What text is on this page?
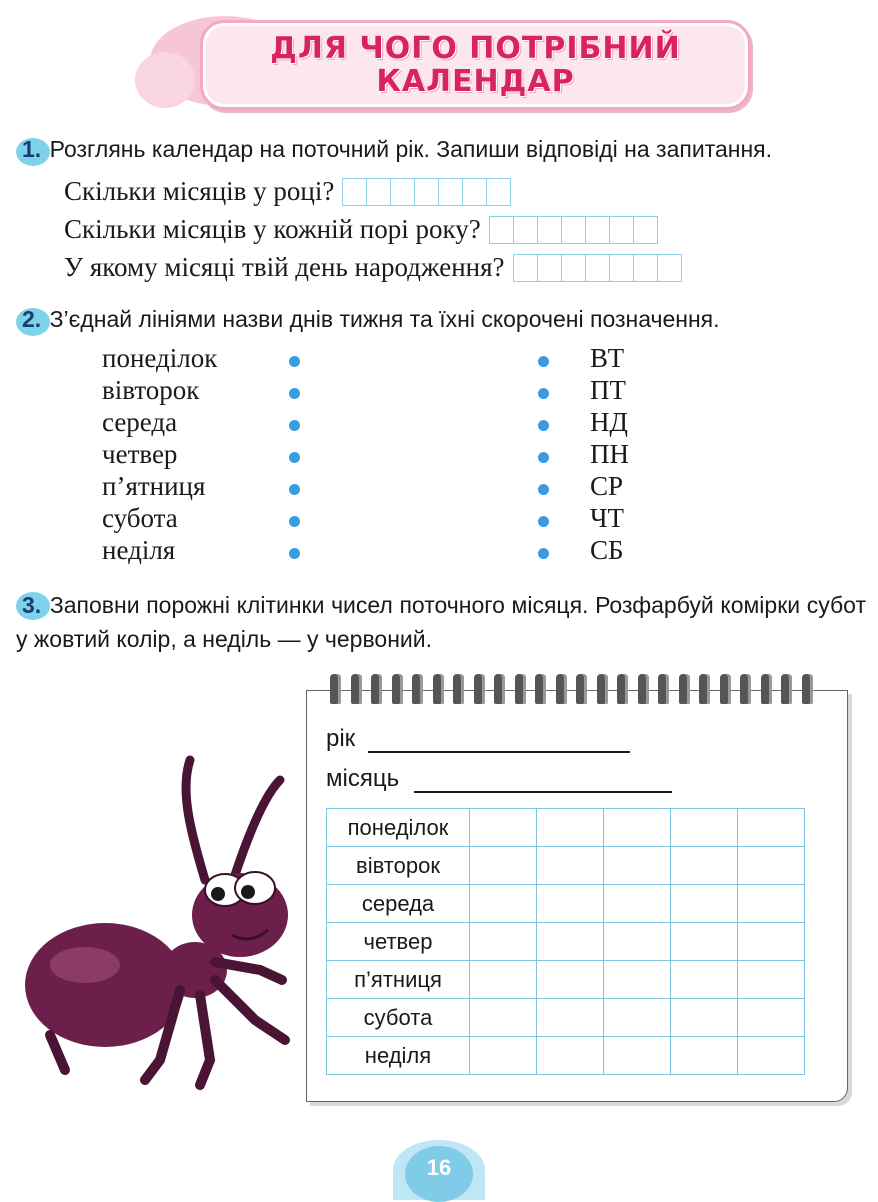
ДЛЯ ЧОГО ПОТРІБНИЙ
КАЛЕНДАР
1. Розглянь календар на поточний рік. Запиши відповіді на запитання.
Скільки місяців у році?
Скільки місяців у кожній порі року?
У якому місяці твій день народження?
2. З’єднай лініями назви днів тижня та їхні скорочені позначення.
понеділок
вівторок
середа
четвер
п’ятниця
субота
неділя
ВТ
ПТ
НД
ПН
СР
ЧТ
СБ
3. Заповни порожні клітинки чисел поточного місяця. Розфарбуй комірки субот у жовтий колір, а неділь — у червоний.
рік
місяць
понеділок					
вівторок					
середа					
четвер					
п’ятниця					
субота					
неділя					
16
